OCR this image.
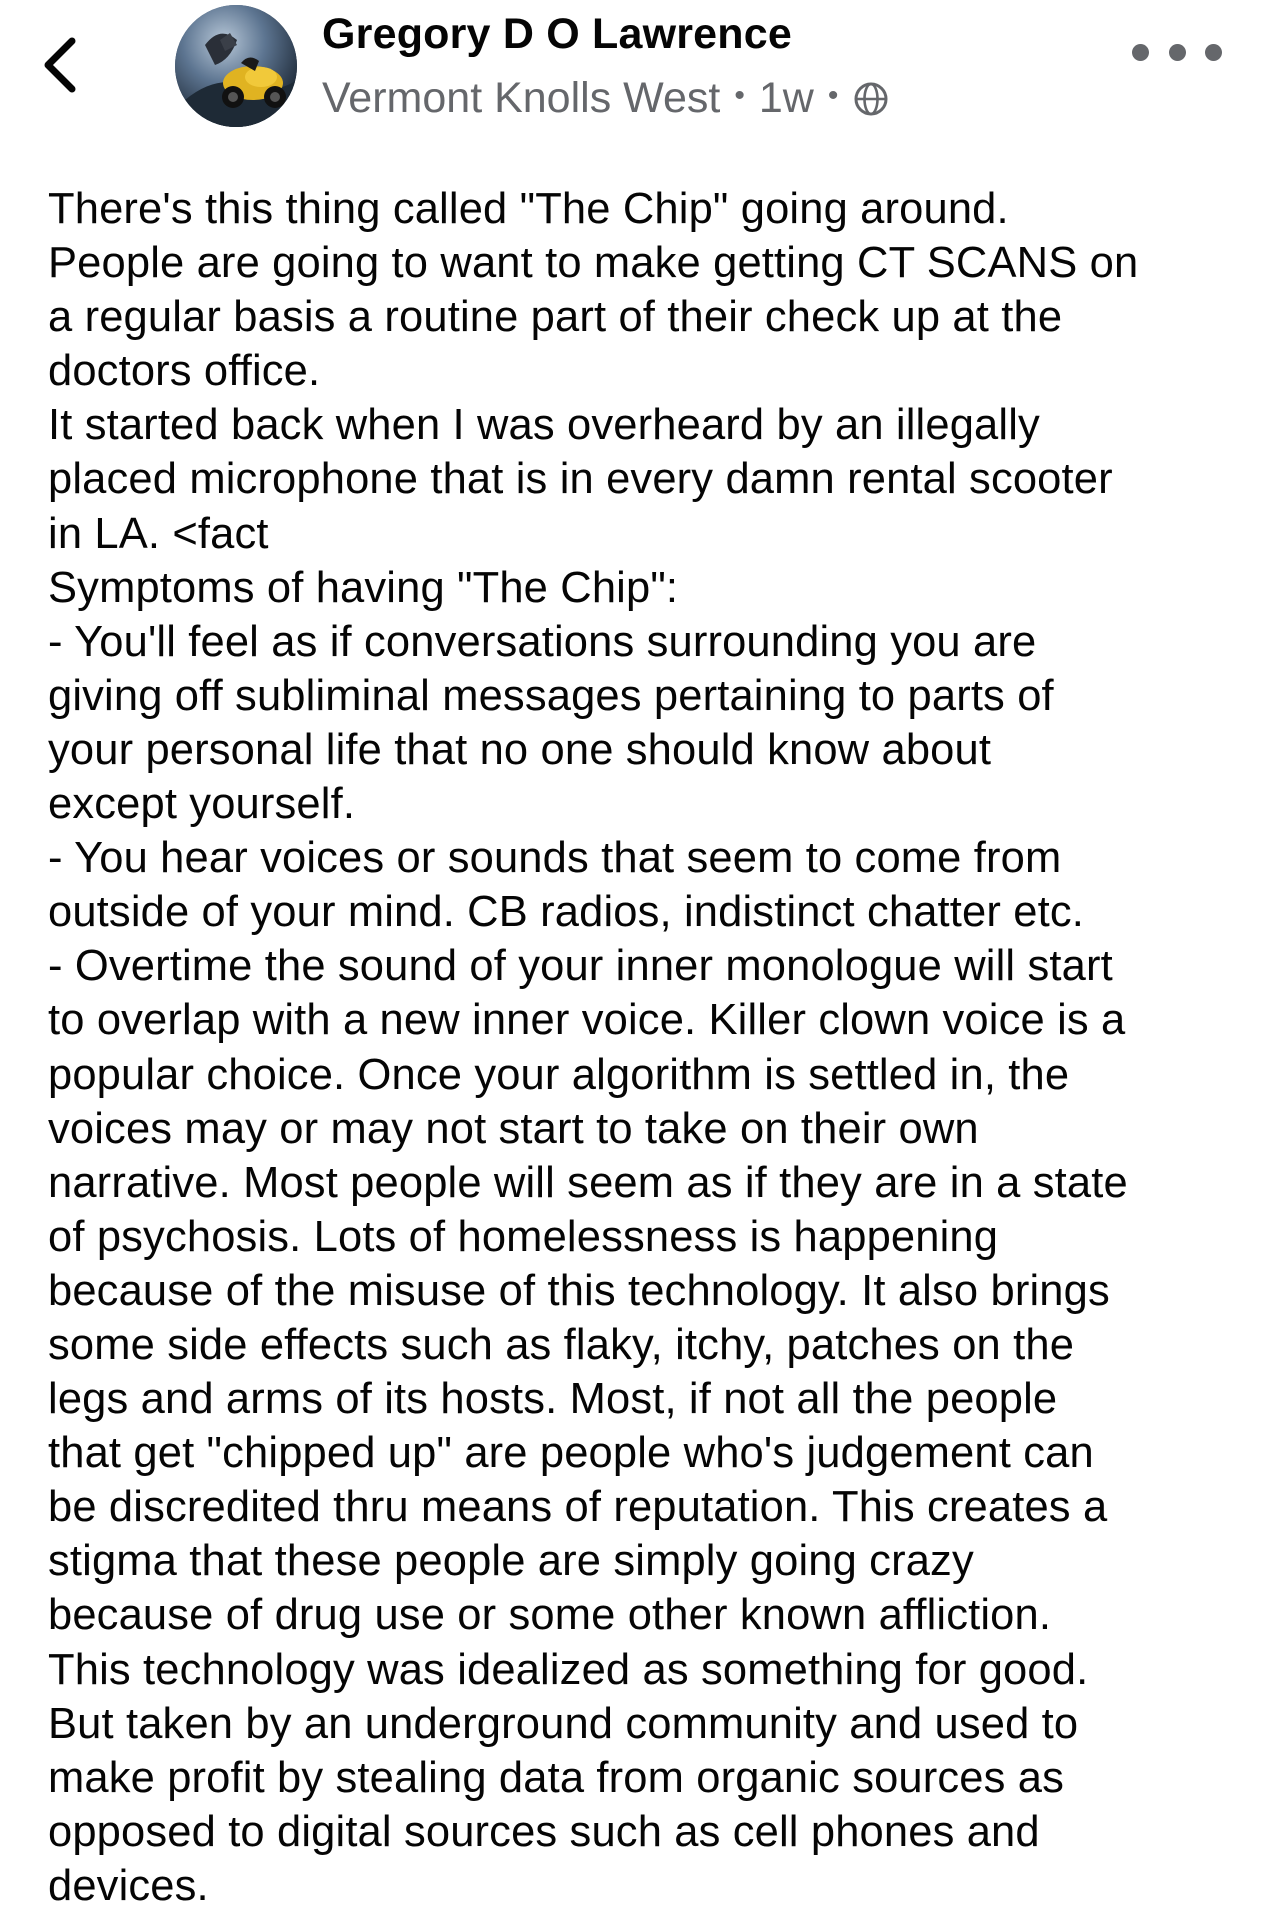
Gregory D O Lawrence
Vermont Knolls West • 1w •
There's this thing called "The Chip" going around.
People are going to want to make getting CT SCANS on
a regular basis a routine part of their check up at the
doctors office.
It started back when I was overheard by an illegally
placed microphone that is in every damn rental scooter
in LA. <fact
Symptoms of having "The Chip":
- You'll feel as if conversations surrounding you are
giving off subliminal messages pertaining to parts of
your personal life that no one should know about
except yourself.
- You hear voices or sounds that seem to come from
outside of your mind. CB radios, indistinct chatter etc.
- Overtime the sound of your inner monologue will start
to overlap with a new inner voice. Killer clown voice is a
popular choice. Once your algorithm is settled in, the
voices may or may not start to take on their own
narrative. Most people will seem as if they are in a state
of psychosis. Lots of homelessness is happening
because of the misuse of this technology. It also brings
some side effects such as flaky, itchy, patches on the
legs and arms of its hosts. Most, if not all the people
that get "chipped up" are people who's judgement can
be discredited thru means of reputation. This creates a
stigma that these people are simply going crazy
because of drug use or some other known affliction.
This technology was idealized as something for good.
But taken by an underground community and used to
make profit by stealing data from organic sources as
opposed to digital sources such as cell phones and
devices.
